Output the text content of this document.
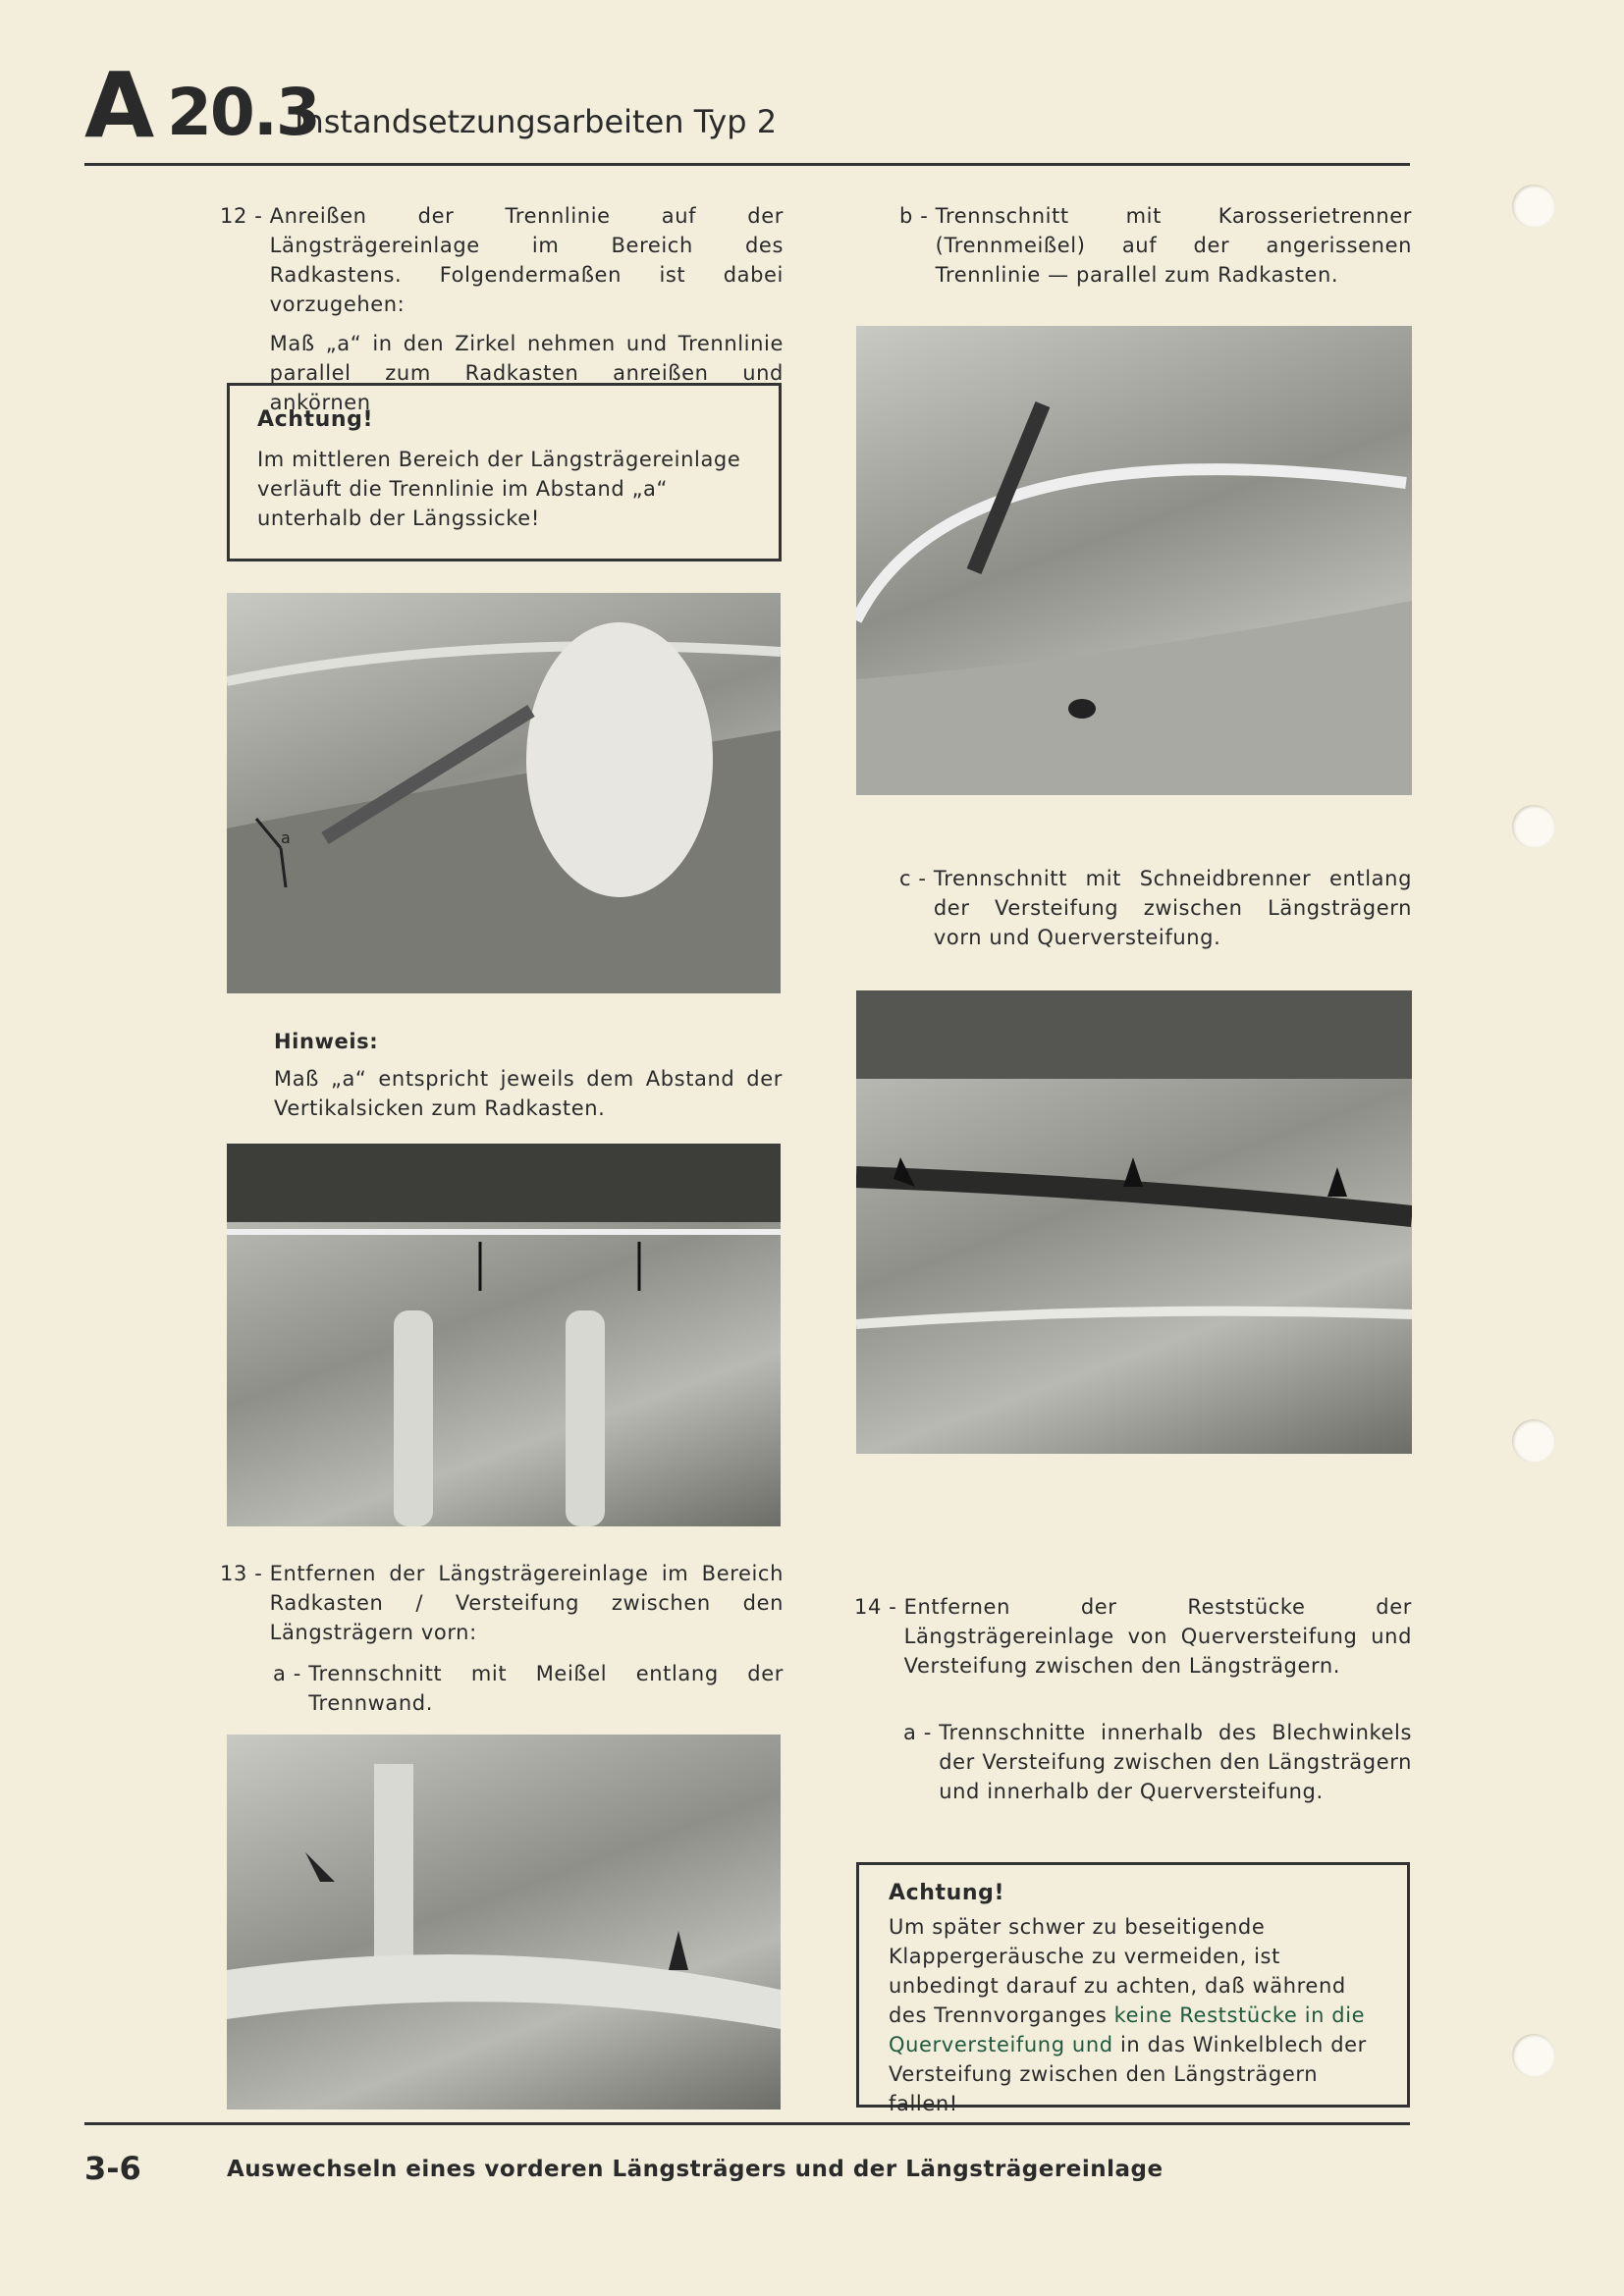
A 20.3
Instandsetzungsarbeiten Typ 2
12 - Anreißen der Trennlinie auf der Längsträgereinlage im Bereich des Radkastens. Folgendermaßen ist dabei vorzugehen:
Maß „a“ in den Zirkel nehmen und Trennlinie parallel zum Radkasten anreißen und ankörnen
Achtung!
Im mittleren Bereich der Längsträgereinlage verläuft die Trennlinie im Abstand „a“ unterhalb der Längssicke!
a
Hinweis:
Maß „a“ entspricht jeweils dem Abstand der Vertikalsicken zum Radkasten.
13 - Entfernen der Längsträgereinlage im Bereich Radkasten / Versteifung zwischen den Längsträgern vorn:
a - Trennschnitt mit Meißel entlang der Trennwand.
b - Trennschnitt mit Karosserietrenner (Trennmeißel) auf der angerissenen Trennlinie — parallel zum Radkasten.
c - Trennschnitt mit Schneidbrenner entlang der Versteifung zwischen Längsträgern vorn und Querversteifung.
14 - Entfernen der Reststücke der Längsträgereinlage von Querversteifung und Versteifung zwischen den Längsträgern.
a - Trennschnitte innerhalb des Blechwinkels der Versteifung zwischen den Längsträgern und innerhalb der Querversteifung.
Achtung!
Um später schwer zu beseitigende Klappergeräusche zu vermeiden, ist unbedingt darauf zu achten, daß während des Trennvorganges keine Reststücke in die Querversteifung und in das Winkelblech der Versteifung zwischen den Längsträgern fallen!
3-6	Auswechseln eines vorderen Längsträgers und der Längsträgereinlage
